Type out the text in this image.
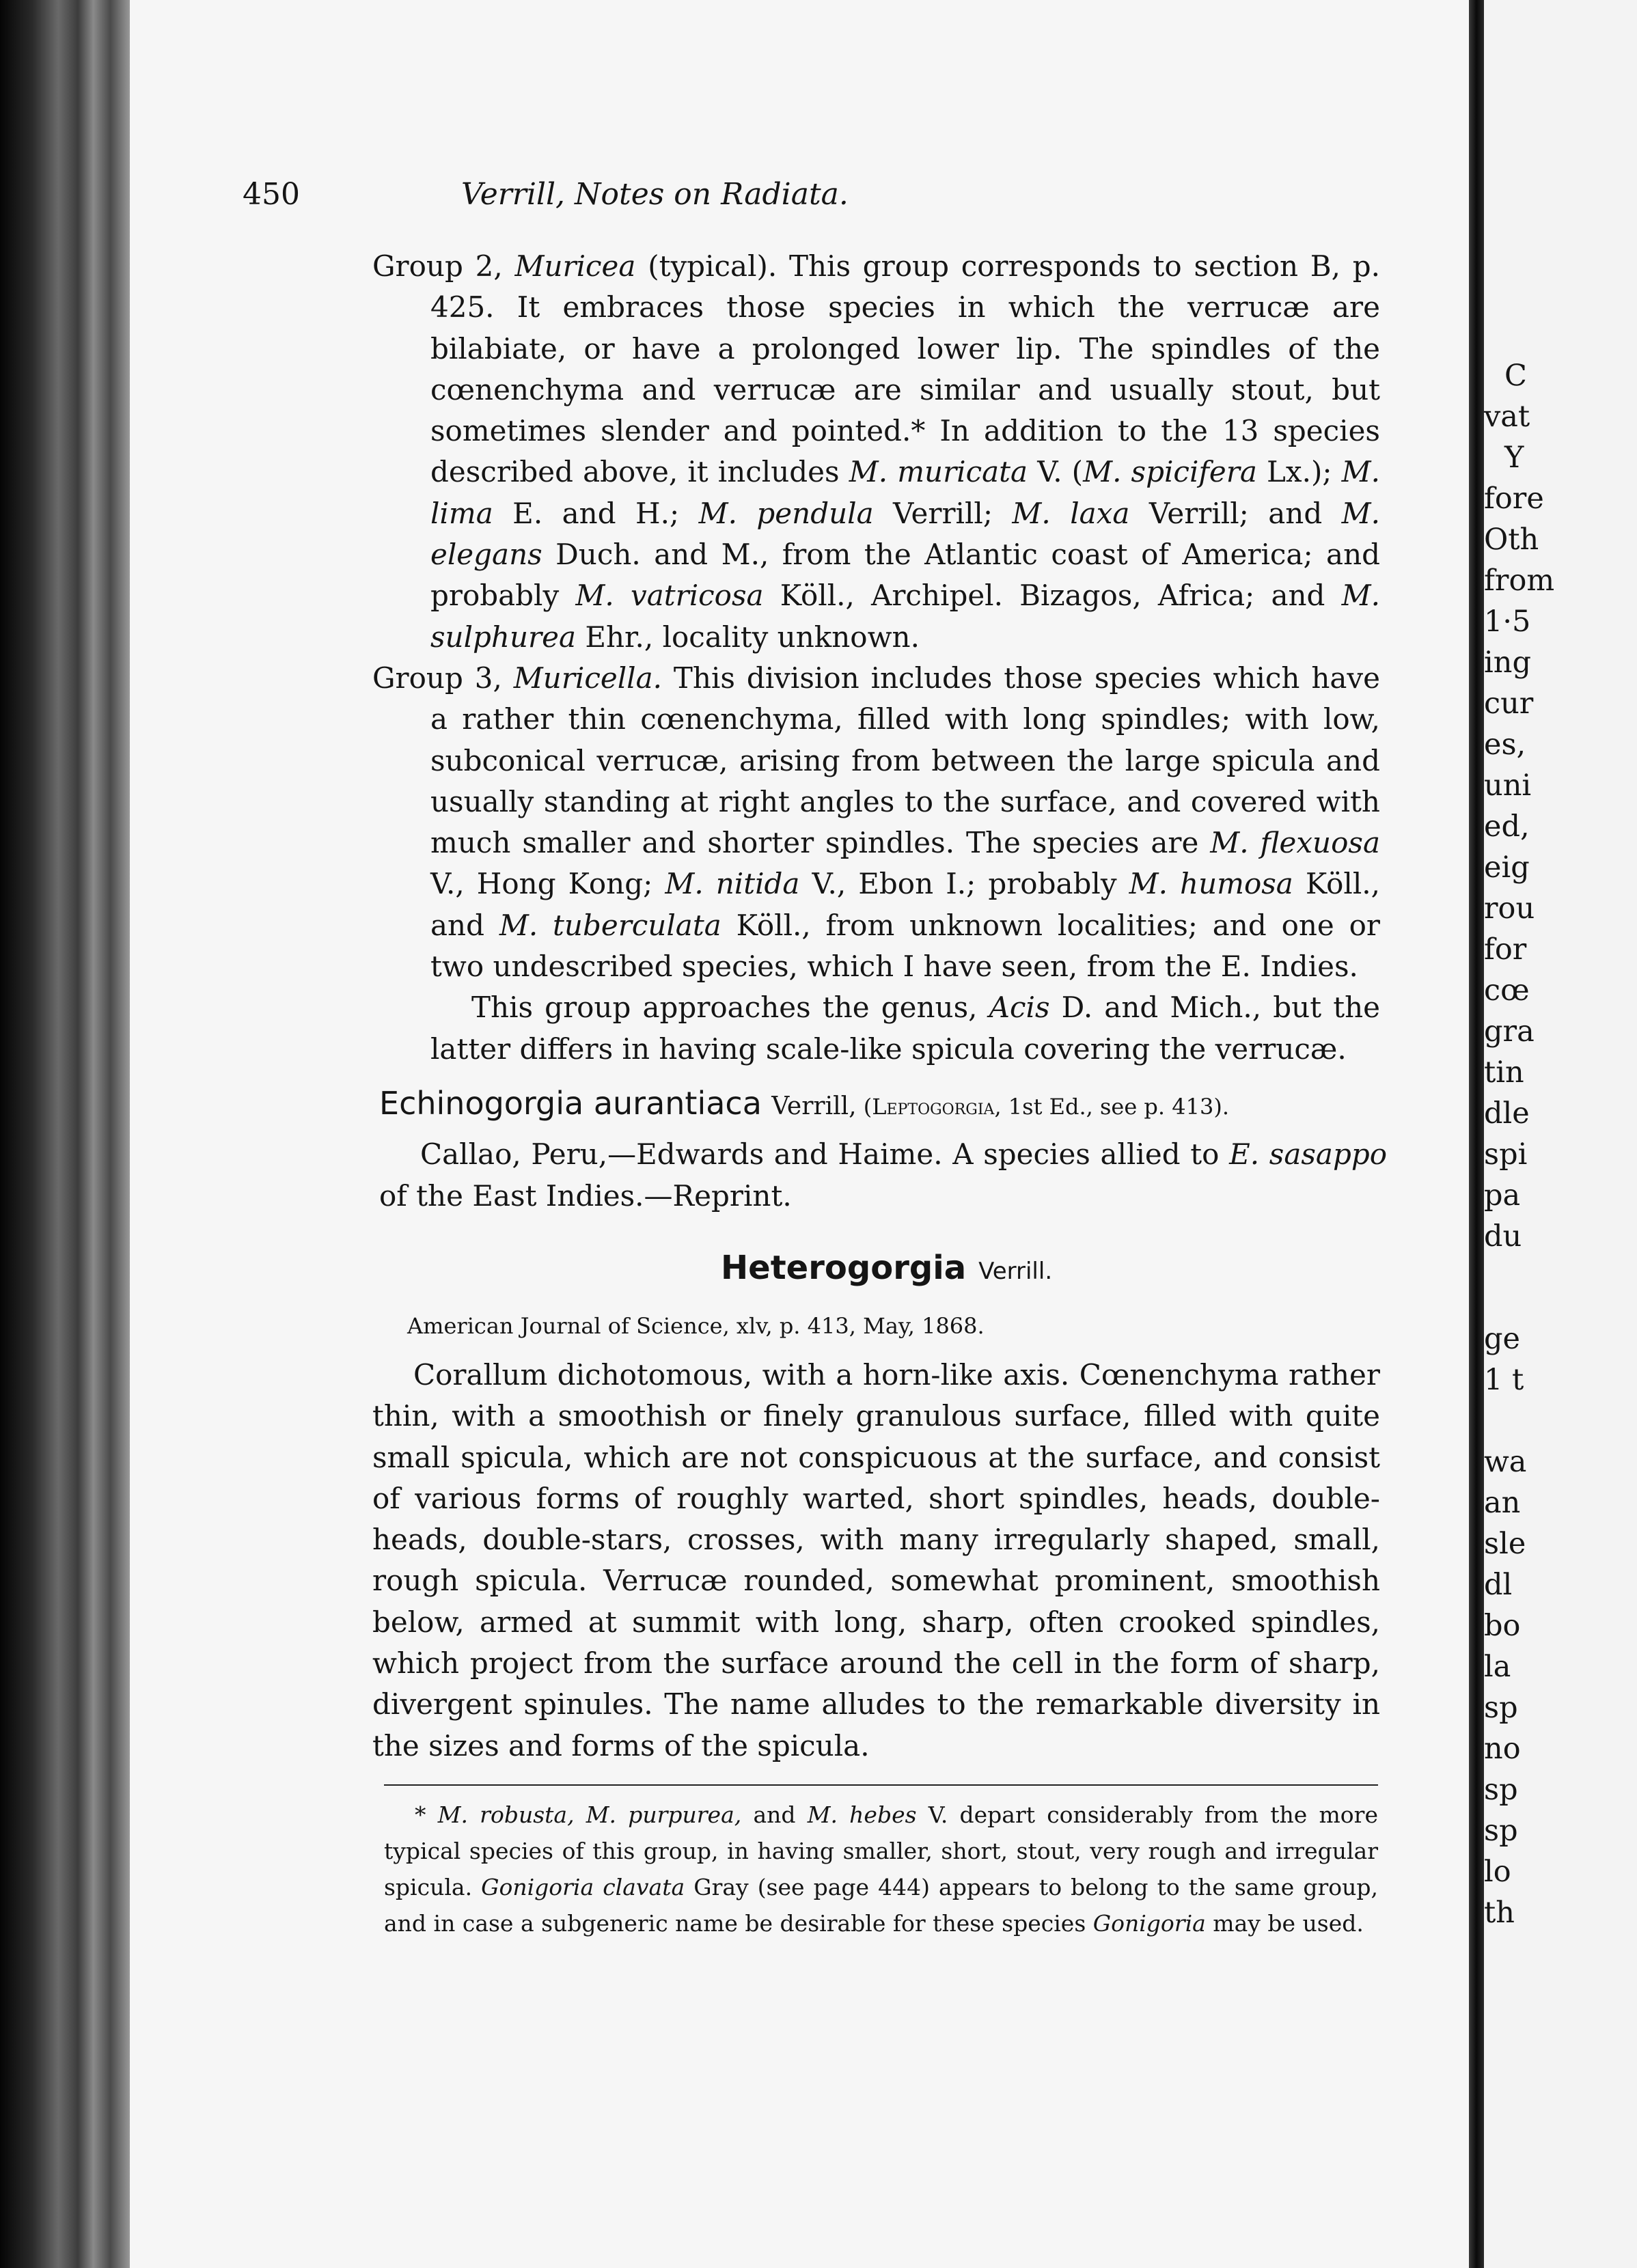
450	Verrill, Notes on Radiata.

Group 2, Muricea (typical). This group corresponds to section B, p. 425. It embraces those species in which the verrucæ are bilabiate, or have a prolonged lower lip. The spindles of the cœnenchyma and verrucæ are similar and usually stout, but sometimes slender and pointed.* In addition to the 13 species described above, it includes M. muricata V. (M. spicifera Lx.); M. lima E. and H.; M. pendula Verrill; M. laxa Verrill; and M. elegans Duch. and M., from the Atlantic coast of America; and probably M. vatricosa Köll., Archipel. Bizagos, Africa; and M. sulphurea Ehr., locality unknown.

Group 3, Muricella. This division includes those species which have a rather thin cœnenchyma, filled with long spindles; with low, subconical verrucæ, arising from between the large spicula and usually standing at right angles to the surface, and covered with much smaller and shorter spindles. The species are M. flexuosa V., Hong Kong; M. nitida V., Ebon I.; probably M. humosa Köll., and M. tuberculata Köll., from unknown localities; and one or two undescribed species, which I have seen, from the E. Indies.

This group approaches the genus, Acis D. and Mich., but the latter differs in having scale-like spicula covering the verrucæ.

Echinogorgia aurantiaca Verrill, (Leptogorgia, 1st Ed., see p. 413).

Callao, Peru,—Edwards and Haime. A species allied to E. sasappo of the East Indies.—Reprint.

Heterogorgia Verrill.
American Journal of Science, xlv, p. 413, May, 1868.

Corallum dichotomous, with a horn-like axis. Cœnenchyma rather thin, with a smoothish or finely granulous surface, filled with quite small spicula, which are not conspicuous at the surface, and consist of various forms of roughly warted, short spindles, heads, double-heads, double-stars, crosses, with many irregularly shaped, small, rough spicula. Verrucæ rounded, somewhat prominent, smoothish below, armed at summit with long, sharp, often crooked spindles, which project from the surface around the cell in the form of sharp, divergent spinules. The name alludes to the remarkable diversity in the sizes and forms of the spicula.

* M. robusta, M. purpurea, and M. hebes V. depart considerably from the more typical species of this group, in having smaller, short, stout, very rough and irregular spicula. Gonigoria clavata Gray (see page 444) appears to belong to the same group, and in case a subgeneric name be desirable for these species Gonigoria may be used.

C
vat
Y
fore
Oth
from
1·5
ing
cur
es,
uni
ed,
eig
rou
for
cœ
gra
tin
dle
spi
pa
du
ge
1 t
wa
an
sle
dl
bo
la
sp
no
sp
sp
lo
th
